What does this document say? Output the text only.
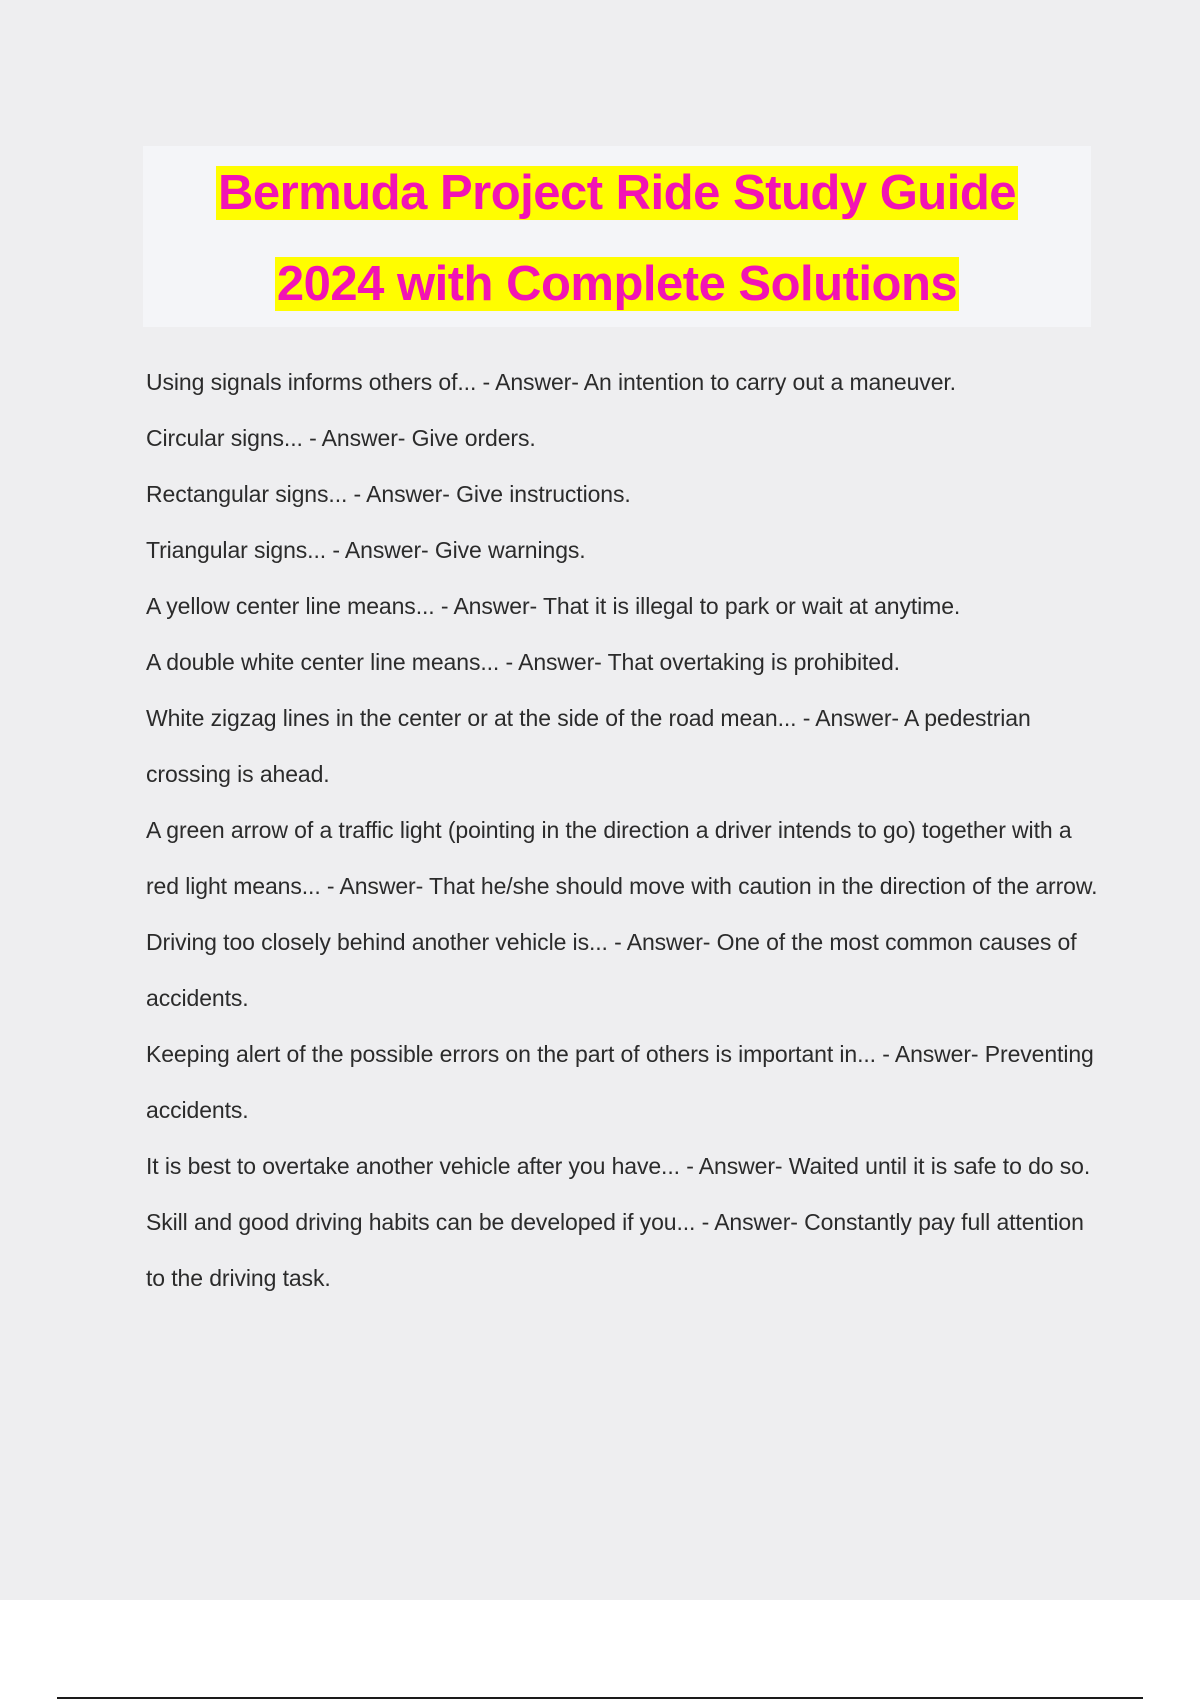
Bermuda Project Ride Study Guide
2024 with Complete Solutions
Using signals informs others of... - Answer- An intention to carry out a maneuver.
Circular signs... - Answer- Give orders.
Rectangular signs... - Answer- Give instructions.
Triangular signs... - Answer- Give warnings.
A yellow center line means... - Answer- That it is illegal to park or wait at anytime.
A double white center line means... - Answer- That overtaking is prohibited.
White zigzag lines in the center or at the side of the road mean... - Answer- A pedestrian crossing is ahead.
A green arrow of a traffic light (pointing in the direction a driver intends to go) together with a red light means... - Answer- That he/she should move with caution in the direction of the arrow.
Driving too closely behind another vehicle is... - Answer- One of the most common causes of accidents.
Keeping alert of the possible errors on the part of others is important in... - Answer- Preventing accidents.
It is best to overtake another vehicle after you have... - Answer- Waited until it is safe to do so.
Skill and good driving habits can be developed if you... - Answer- Constantly pay full attention to the driving task.
